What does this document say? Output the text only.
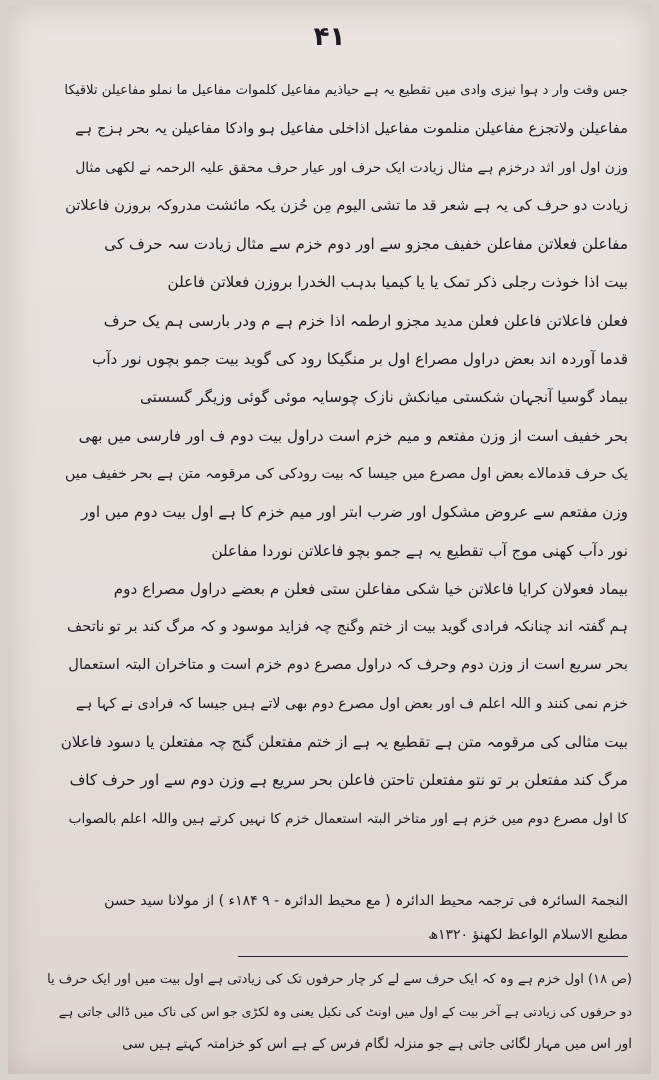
۴۱
جس وقت وار د ہوا نیزی وادی میں تقطیع یہ ہے حیاذیم مفاعیل کلموات مفاعیل ما نملو مفاعیلن تلاقیکا
مفاعیلن ولاتجزع مفاعیلن منلموت مفاعیل اذاخلی مفاعیل ہو وادکا مفاعیلن یہ بحر ہزج ہے
وزن اول اور اثد درخزم ہے مثال زیادت ایک حرف اور عیار حرف محقق علیہ الرحمہ نے لکھی مثال
زیادت دو حرف کی یہ ہے شعر قد ما تشی الیوم مِن حُزن یکہ مائشت مدروکہ بروزن فاعلاتن
مفاعلن فعلاتن مفاعلن خفیف مجزو سے اور دوم خزم سے مثال زیادت سہ حرف کی
بیت اذا خوذت رجلی ذکر تمک یا یا کیمیا بدہب الخدرا بروزن فعلاتن فاعلن
فعلن فاعلاتن فاعلن فعلن مدید مجزو ارطمہ اذا خزم ہے م ودر بارسی ہم یک حرف
قدما آوردہ اند بعض دراول مصراع اول بر منگیکا رود کی گوید بیت جمو بچوں نور دآب
بیماد گوسیا آنجہان شکستی میانکش نازک چوسایہ موئی گوئی وزیگر گسستی
بحر خفیف است از وزن مفتعم و میم خزم است دراول بیت دوم ف اور فارسی میں بھی
یک حرف قدمالاے بعض اول مصرع میں جیسا کہ بیت رودکی کی مرقومہ متن ہے بحر خفیف میں
وزن مفتعم سے عروض مشکول اور ضرب ابتر اور میم خزم کا ہے اول بیت دوم میں اور
نور دآب کھنی موج آب تقطیع یہ ہے جمو بچو فاعلاتن نوردا مفاعلن
بیماد فعولان کرایا فاعلاتن خیا شکی مفاعلن ستی فعلن م بعضے دراول مصراع دوم
ہم گفتہ اند چنانکہ فرادی گوید بیت از ختم وگنج چہ فزاید موسود و کہ مرگ کند بر تو ناتحف
بحر سریع است از وزن دوم وحرف کہ دراول مصرع دوم خزم است و متاخران البتہ استعمال
خزم نمی کنند و اللہ اعلم ف اور بعض اول مصرع دوم بھی لاتے ہیں جیسا کہ فرادی نے کہا ہے
بیت مثالی کی مرقومہ متن ہے تقطیع یہ ہے از ختم مفتعلن گنج چہ مفتعلن یا دسود فاعلان
مرگ کند مفتعلن بر تو نتو مفتعلن تاحتن فاعلن بحر سریع ہے وزن دوم سے اور حرف کاف
کا اول مصرع دوم میں خزم ہے اور متاخر البتہ استعمال خزم کا نہیں کرتے ہیں واللہ اعلم بالصواب
النجمۃ السائرہ فی ترجمہ محیط الدائرہ ( مع محیط الدائرہ - ۹ ۱۸۴ء ) از مولانا سید حسن
مطبع الاسلام الواعظ لکھنؤ ۱۳۲۰ھ
(ص ۱۸) اول خزم ہے وہ کہ ایک حرف سے لے کر چار حرفوں تک کی زیادتی ہے اول بیت میں اور ایک حرف یا
دو حرفوں کی زیادتی ہے آخر بیت کے اول میں اونٹ کی نکیل یعنی وہ لکڑی جو اس کی ناک میں ڈالی جاتی ہے
اور اس میں مہار لگائی جاتی ہے جو منزلہ لگام فرس کے ہے اس کو خزامتہ کہتے ہیں سی
